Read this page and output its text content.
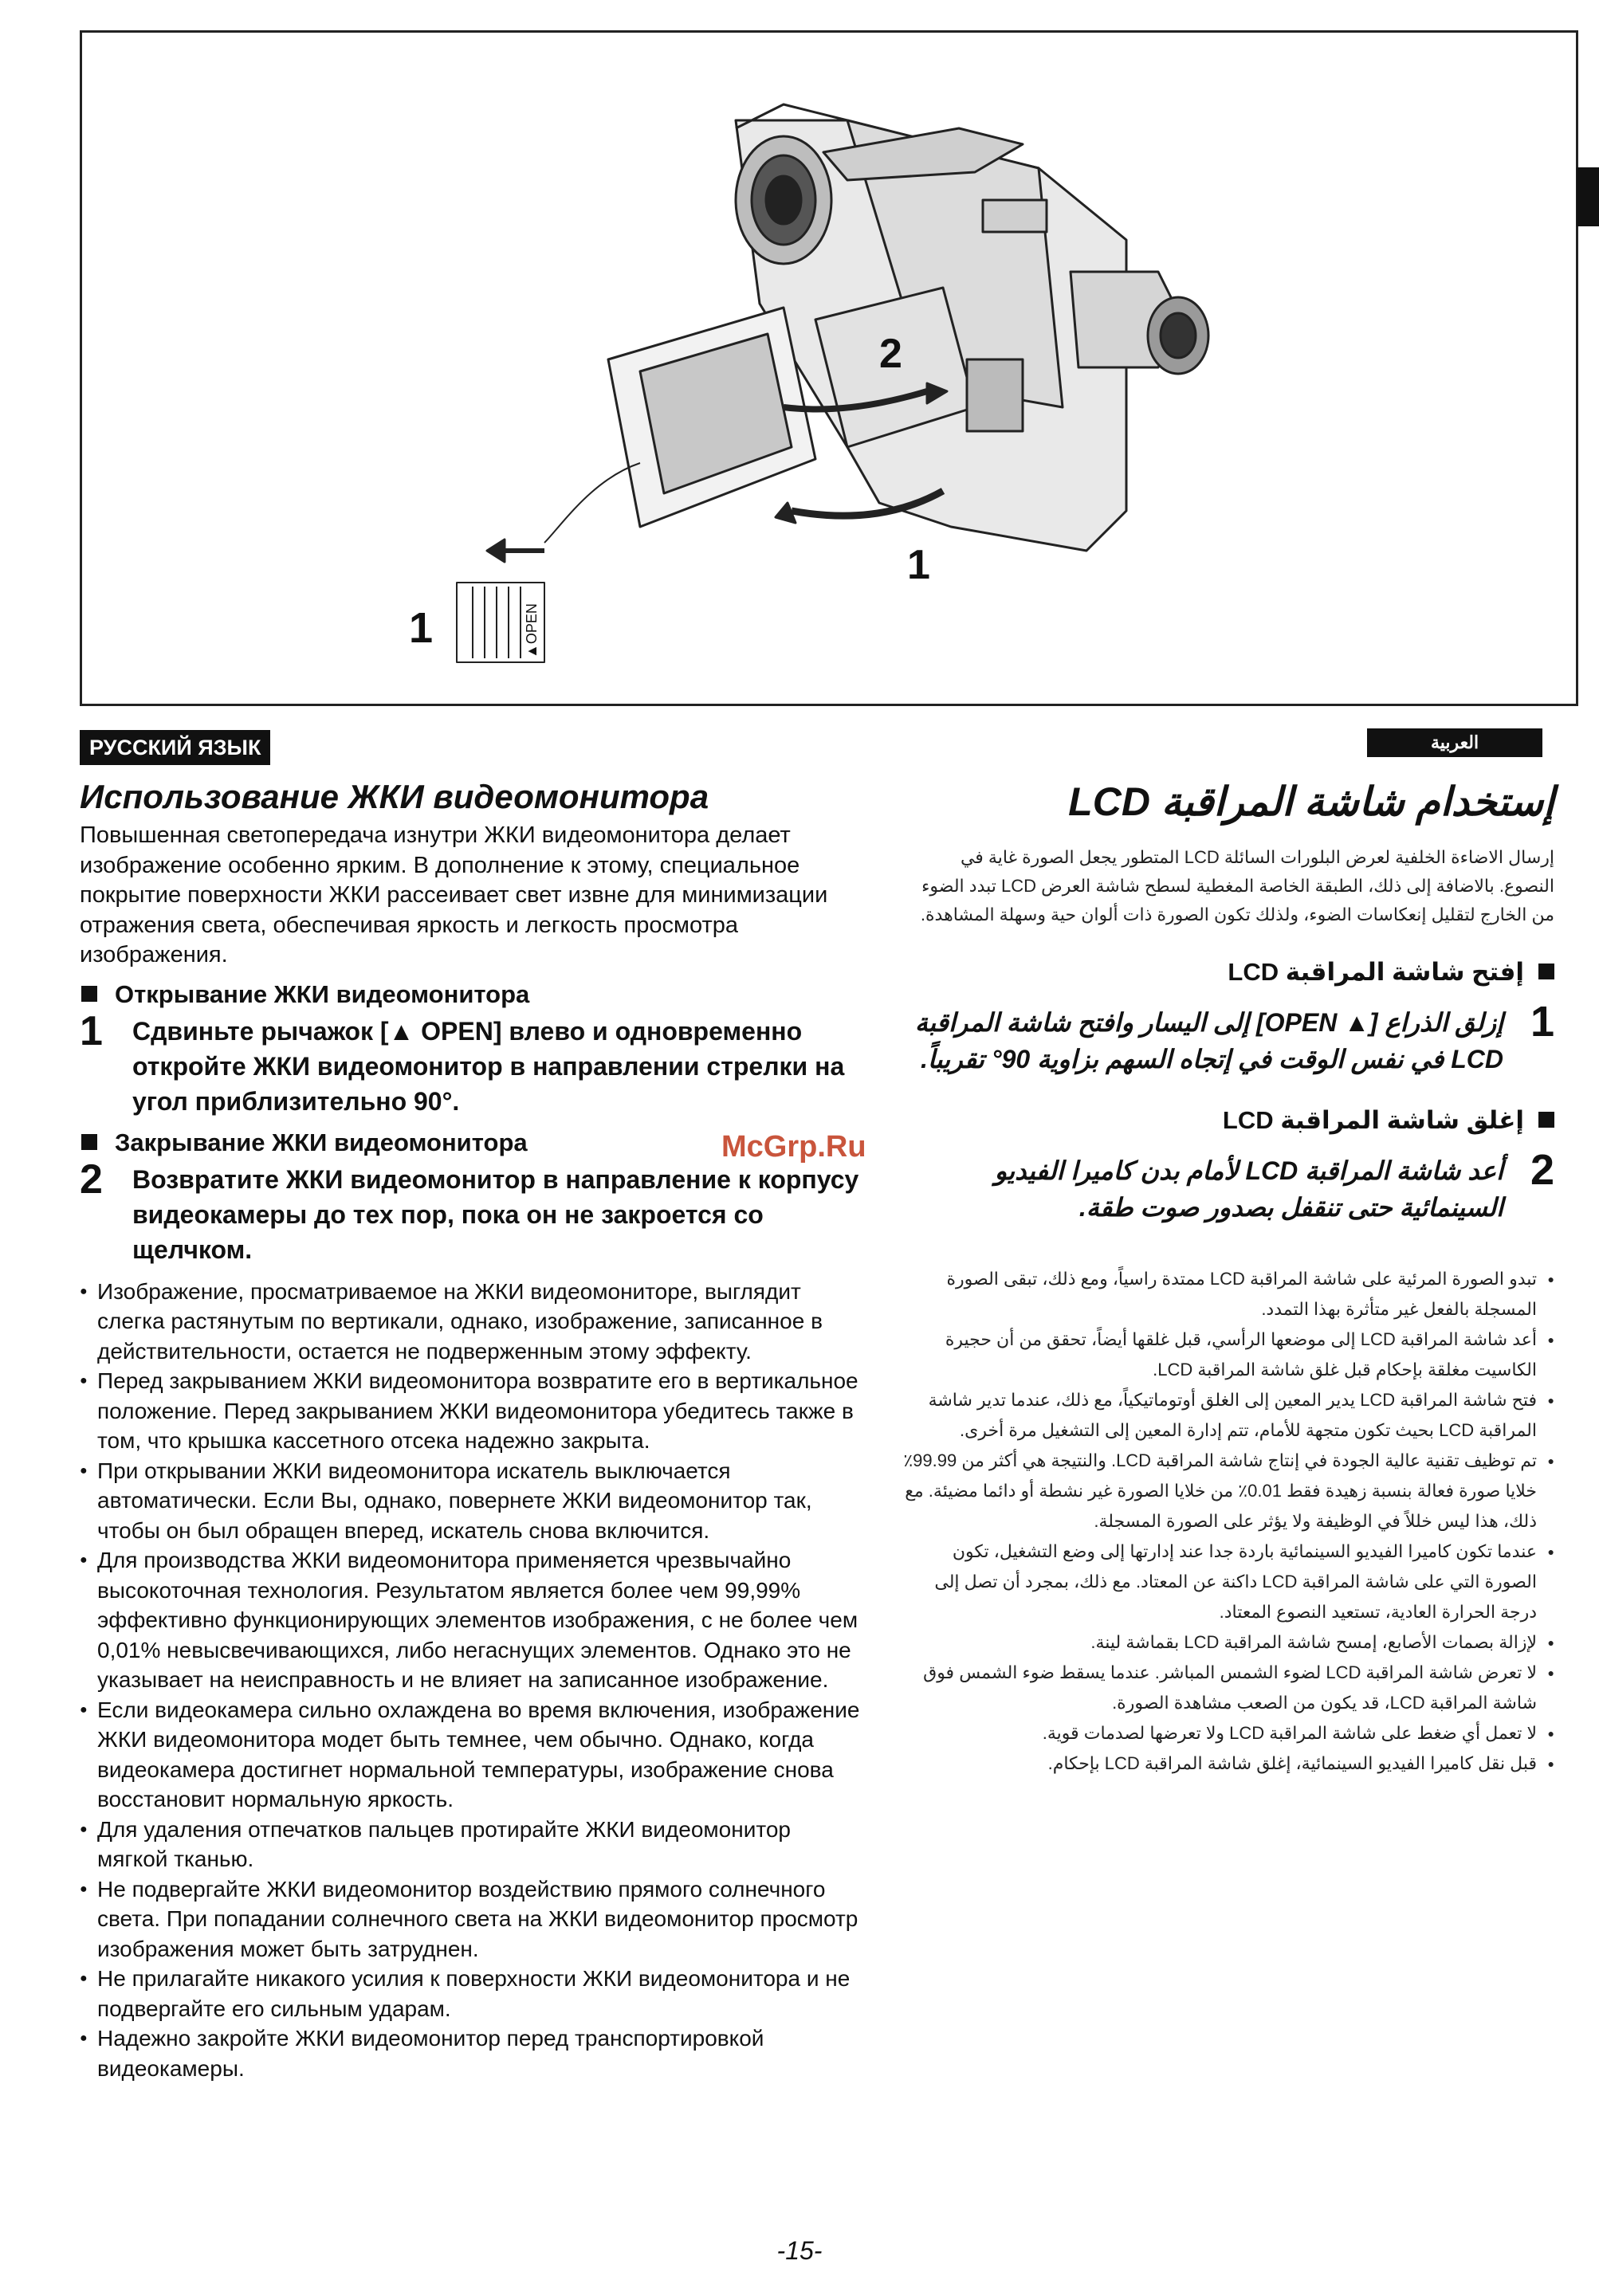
2
1
1	▲OPEN
РУССКИЙ ЯЗЫК
Использование ЖКИ видеомонитора

Повышенная светопередача изнутри ЖКИ видеомонитора делает изображение особенно ярким. В дополнение к этому, специальное покрытие поверхности ЖКИ рассеивает свет извне для минимизации отражения света, обеспечивая яркость и легкость просмотра изображения.

Открывание ЖКИ видеомонитора
1	Сдвиньте рычажок [▲ OPEN] влево и одновременно откройте ЖКИ видеомонитор в направлении стрелки на угол приблизительно 90°.
Закрывание ЖКИ видеомонитора
2	Возвратите ЖКИ видеомонитор в направление к корпусу видеокамеры до тех пор, пока он не закроется со щелчком.
● Изображение, просматриваемое на ЖКИ видеомониторе, выглядит слегка растянутым по вертикали, однако, изображение, записанное в действительности, остается не подверженным этому эффекту.
● Перед закрыванием ЖКИ видеомонитора возвратите его в вертикальное положение. Перед закрыванием ЖКИ видеомонитора убедитесь также в том, что крышка кассетного отсека надежно закрыта.
● При открывании ЖКИ видеомонитора искатель выключается автоматически. Если Вы, однако, повернете ЖКИ видеомонитор так, чтобы он был обращен вперед, искатель снова включится.
● Для производства ЖКИ видеомонитора применяется чрезвычайно высокоточная технология. Результатом является более чем 99,99% эффективно функционирующих элементов изображения, с не более чем 0,01% невысвечивающихся, либо негаснущих элементов. Однако это не указывает на неисправность и не влияет на записанное изображение.
● Если видеокамера сильно охлаждена во время включения, изображение ЖКИ видеомонитора модет быть темнее, чем обычно. Однако, когда видеокамера достигнет нормальной температуры, изображение снова восстановит нормальную яркость.
● Для удаления отпечатков пальцев протирайте ЖКИ видеомонитор мягкой тканью.
● Не подвергайте ЖКИ видеомонитор воздействию прямого солнечного света. При попадании солнечного света на ЖКИ видеомонитор просмотр изображения может быть затруднен.
● Не прилагайте никакого усилия к поверхности ЖКИ видеомонитора и не подвергайте его сильным ударам.
● Надежно закройте ЖКИ видеомонитор перед транспортировкой видеокамеры.
العربية
إستخدام شاشة المراقبة LCD

إرسال الاضاءة الخلفية لعرض البلورات السائلة LCD المتطور يجعل الصورة غاية في النصوع. بالاضافة إلى ذلك، الطبقة الخاصة المغطية لسطح شاشة العرض LCD تبدد الضوء من الخارج لتقليل إنعكاسات الضوء، ولذلك تكون الصورة ذات ألوان حية وسهلة المشاهدة.

إفتح شاشة المراقبة LCD
1
إزلق الذراع [▲ OPEN] إلى اليسار وافتح شاشة المراقبة LCD في نفس الوقت في إتجاه السهم بزاوية 90° تقريباً.
إغلق شاشة المراقبة LCD
2
أعد شاشة المراقبة LCD لأمام بدن كاميرا الفيديو السينمائية حتى تنقفل بصدور صوت طقة.
● تبدو الصورة المرئية على شاشة المراقبة LCD ممتدة راسياً، ومع ذلك، تبقى الصورة المسجلة بالفعل غير متأثرة بهذا التمدد.
● أعد شاشة المراقبة LCD إلى موضعها الرأسي، قبل غلقها أيضاً، تحقق من أن حجيرة الكاسيت مغلقة بإحكام قبل غلق شاشة المراقبة LCD.
● فتح شاشة المراقبة LCD يدير المعين إلى الغلق أوتوماتيكياً، مع ذلك، عندما تدير شاشة المراقبة LCD بحيث تكون متجهة للأمام، تتم إدارة المعين إلى التشغيل مرة أخرى.
● تم توظيف تقنية عالية الجودة في إنتاج شاشة المراقبة LCD. والنتيجة هي أكثر من 99.99٪ خلايا صورة فعالة بنسبة زهيدة فقط 0.01٪ من خلايا الصورة غير نشطة أو دائما مضيئة. مع ذلك، هذا ليس خللاً في الوظيفة ولا يؤثر على الصورة المسجلة.
● عندما تكون كاميرا الفيديو السينمائية باردة جدا عند إدارتها إلى وضع التشغيل، تكون الصورة التي على شاشة المراقبة LCD داكنة عن المعتاد. مع ذلك، بمجرد أن تصل إلى درجة الحرارة العادية، تستعيد النصوع المعتاد.
● لإزالة بصمات الأصابع، إمسح شاشة المراقبة LCD بقماشة لينة.
● لا تعرض شاشة المراقبة LCD لضوء الشمس المباشر. عندما يسقط ضوء الشمس فوق شاشة المراقبة LCD، قد يكون من الصعب مشاهدة الصورة.
● لا تعمل أي ضغط على شاشة المراقبة LCD ولا تعرضها لصدمات قوية.
● قبل نقل كاميرا الفيديو السينمائية، إغلق شاشة المراقبة LCD بإحكام.
McGrp.Ru
-15-
